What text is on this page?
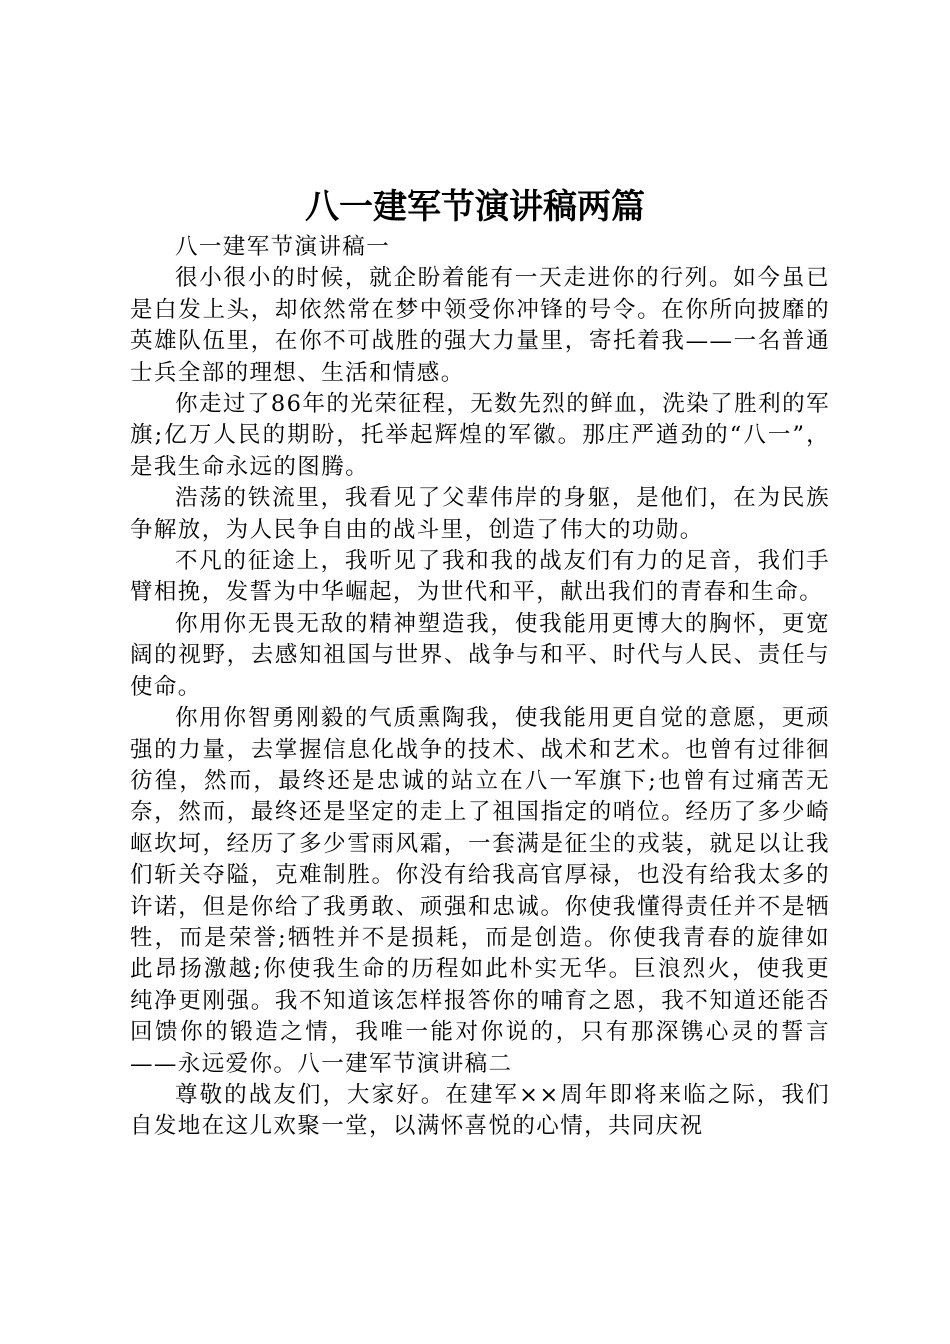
八一建军节演讲稿两篇

八一建军节演讲稿一

很小很小的时候，就企盼着能有一天走进你的行列。如今虽已是白发上头，却依然常在梦中领受你冲锋的号令。在你所向披靡的英雄队伍里，在你不可战胜的强大力量里，寄托着我——一名普通士兵全部的理想、生活和情感。

你走过了86年的光荣征程，无数先烈的鲜血，洗染了胜利的军旗;亿万人民的期盼，托举起辉煌的军徽。那庄严遒劲的“八一”，是我生命永远的图腾。

浩荡的铁流里，我看见了父辈伟岸的身躯，是他们，在为民族争解放，为人民争自由的战斗里，创造了伟大的功勋。

不凡的征途上，我听见了我和我的战友们有力的足音，我们手臂相挽，发誓为中华崛起，为世代和平，献出我们的青春和生命。

你用你无畏无敌的精神塑造我，使我能用更博大的胸怀，更宽阔的视野，去感知祖国与世界、战争与和平、时代与人民、责任与使命。

你用你智勇刚毅的气质熏陶我，使我能用更自觉的意愿，更顽强的力量，去掌握信息化战争的技术、战术和艺术。也曾有过徘徊彷徨，然而，最终还是忠诚的站立在八一军旗下;也曾有过痛苦无奈，然而，最终还是坚定的走上了祖国指定的哨位。经历了多少崎岖坎坷，经历了多少雪雨风霜，一套满是征尘的戎装，就足以让我们斩关夺隘，克难制胜。你没有给我高官厚禄，也没有给我太多的许诺，但是你给了我勇敢、顽强和忠诚。你使我懂得责任并不是牺牲，而是荣誉;牺牲并不是损耗，而是创造。你使我青春的旋律如此昂扬激越;你使我生命的历程如此朴实无华。巨浪烈火，使我更纯净更刚强。我不知道该怎样报答你的哺育之恩，我不知道还能否回馈你的锻造之情，我唯一能对你说的，只有那深镌心灵的誓言——永远爱你。八一建军节演讲稿二

尊敬的战友们，大家好。在建军××周年即将来临之际，我们自发地在这儿欢聚一堂，以满怀喜悦的心情，共同庆祝
